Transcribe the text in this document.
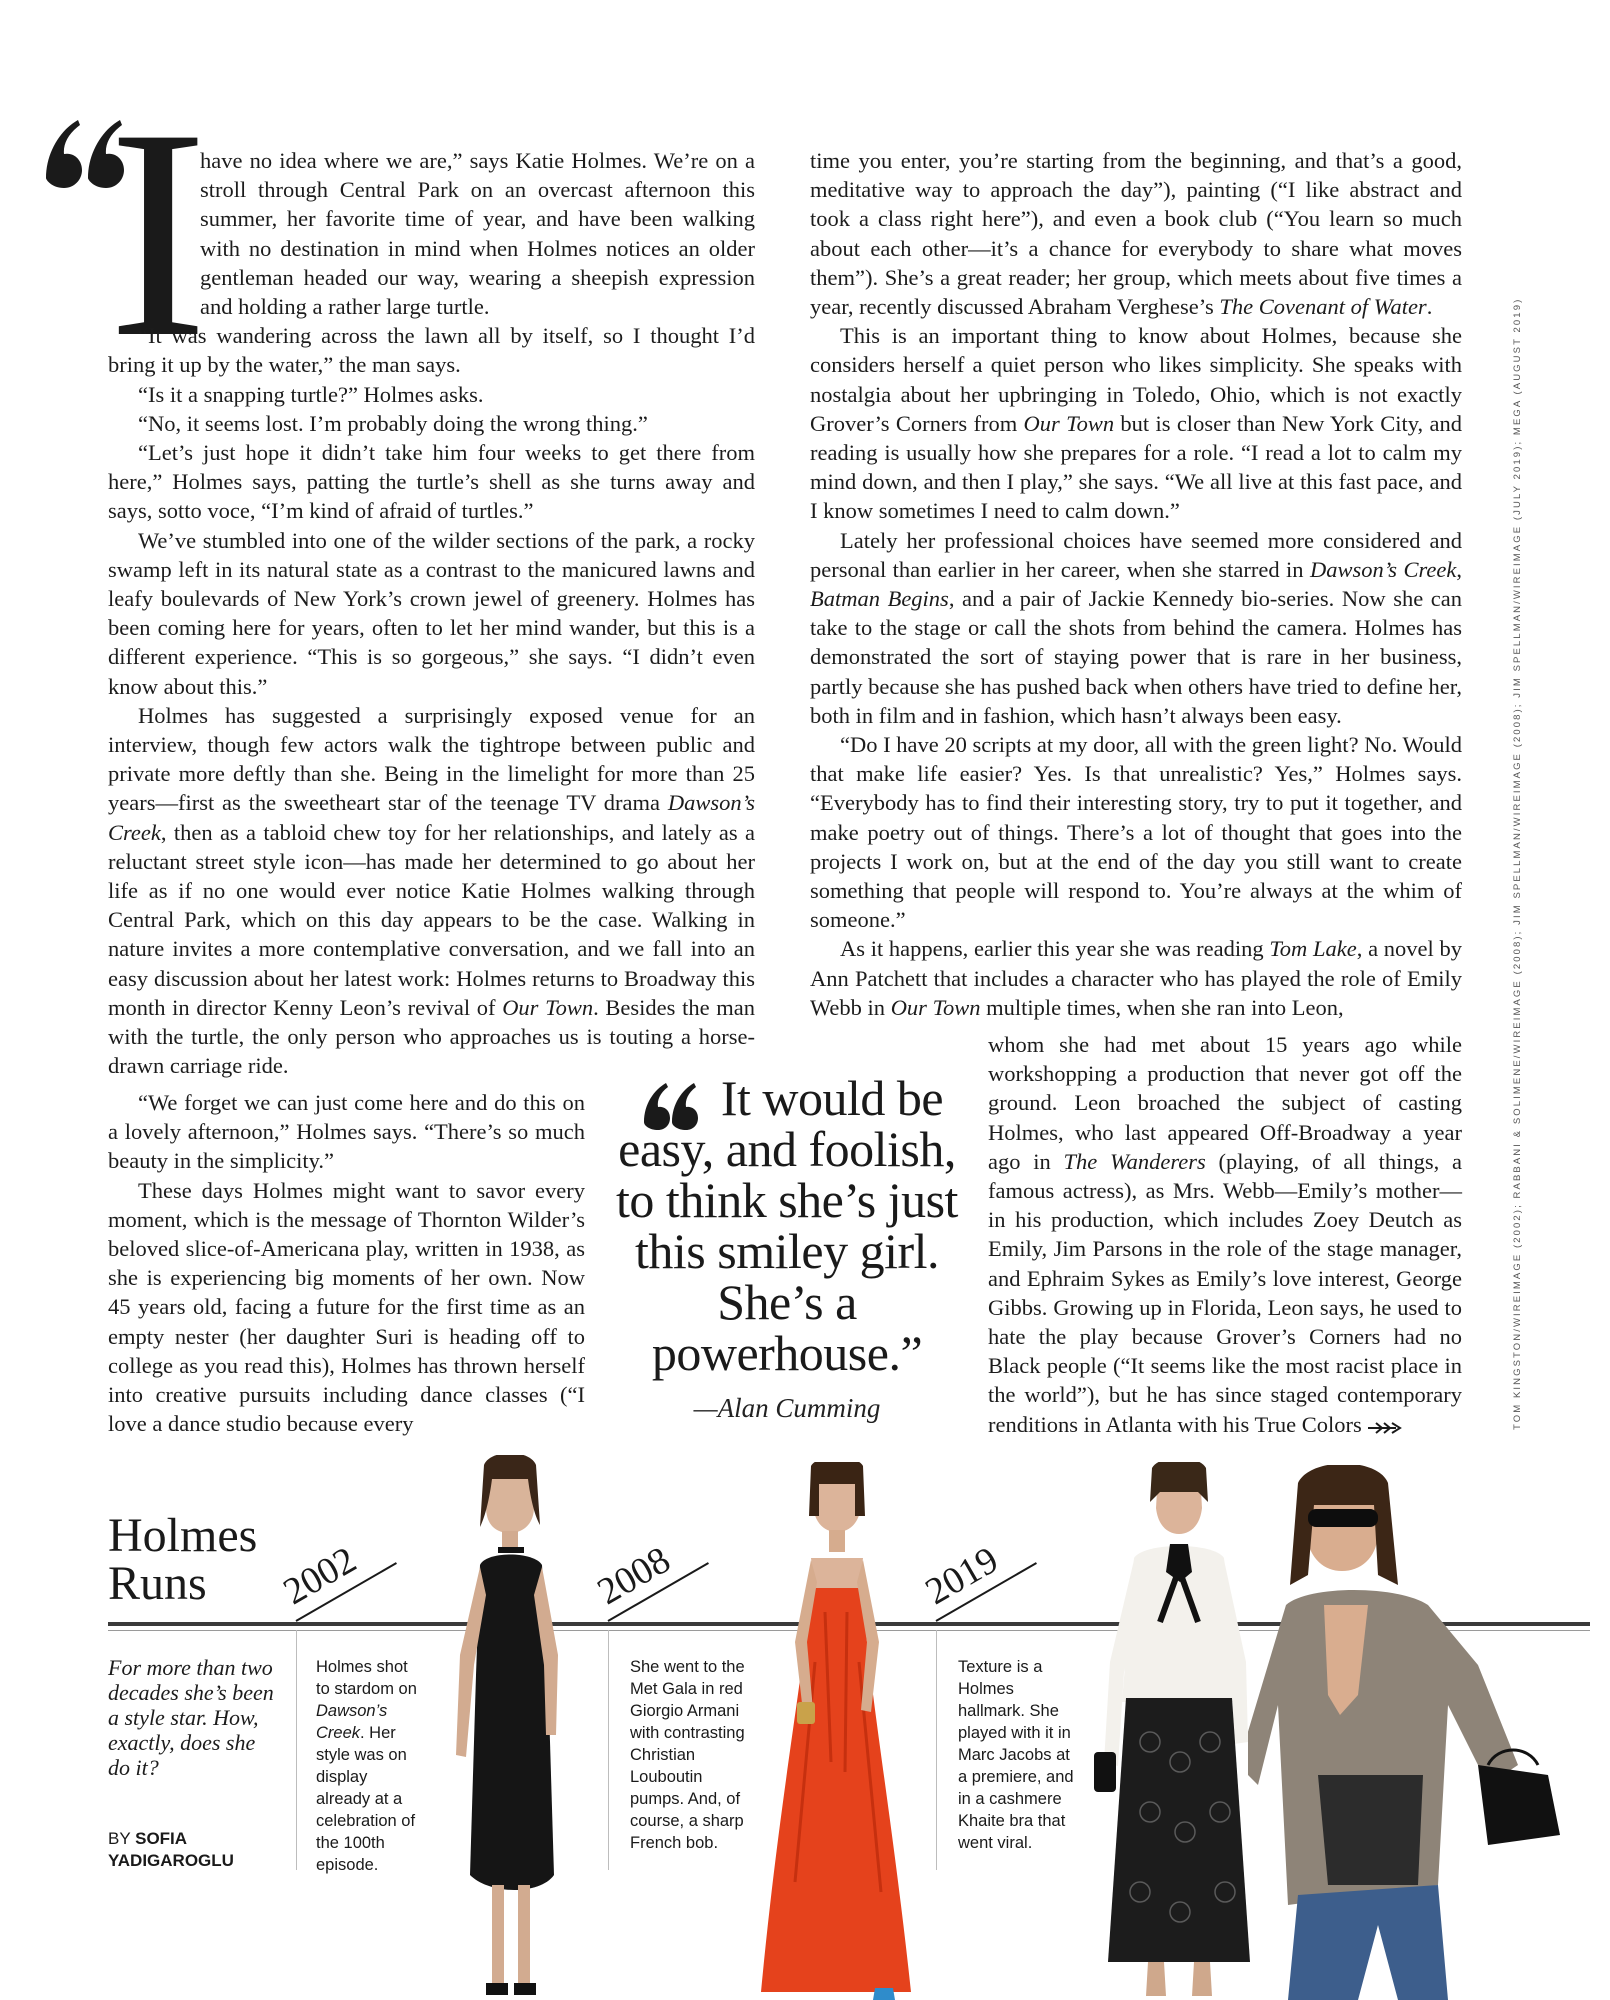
I

have no idea where we are,” says Katie Holmes. We’re on a stroll through Central Park on an overcast afternoon this summer, her favorite time of year, and have been walking with no destination in mind when Holmes notices an older gentleman headed our way, wearing a sheepish expression and holding a rather large turtle.

“It was wandering across the lawn all by itself, so I thought I’d bring it up by the water,” the man says.

“Is it a snapping turtle?” Holmes asks.

“No, it seems lost. I’m probably doing the wrong thing.”

“Let’s just hope it didn’t take him four weeks to get there from here,” Holmes says, patting the turtle’s shell as she turns away and says, sotto voce, “I’m kind of afraid of turtles.”

We’ve stumbled into one of the wilder sections of the park, a rocky swamp left in its natural state as a contrast to the manicured lawns and leafy boulevards of New York’s crown jewel of greenery. Holmes has been coming here for years, often to let her mind wander, but this is a different experience. “This is so gorgeous,” she says. “I didn’t even know about this.”

Holmes has suggested a surprisingly exposed venue for an interview, though few actors walk the tightrope between public and private more deftly than she. Being in the limelight for more than 25 years—first as the sweetheart star of the teenage TV drama Dawson’s Creek, then as a tabloid chew toy for her relationships, and lately as a reluctant street style icon—has made her determined to go about her life as if no one would ever notice Katie Holmes walking through Central Park, which on this day appears to be the case. Walking in nature invites a more contemplative conversation, and we fall into an easy discussion about her latest work: Holmes returns to Broadway this month in director Kenny Leon’s revival of Our Town. Besides the man with the turtle, the only person who approaches us is touting a horse-drawn carriage ride.

“We forget we can just come here and do this on a lovely afternoon,” Holmes says. “There’s so much beauty in the simplicity.”

These days Holmes might want to savor every moment, which is the message of Thornton Wilder’s beloved slice-of-Americana play, written in 1938, as she is experiencing big moments of her own. Now 45 years old, facing a future for the first time as an empty nester (her daughter Suri is heading off to college as you read this), Holmes has thrown herself into creative pursuits including dance classes (“I love a dance studio because every

time you enter, you’re starting from the beginning, and that’s a good, meditative way to approach the day”), painting (“I like abstract and took a class right here”), and even a book club (“You learn so much about each other—it’s a chance for everybody to share what moves them”). She’s a great reader; her group, which meets about five times a year, recently discussed Abraham Verghese’s The Covenant of Water.

This is an important thing to know about Holmes, because she considers herself a quiet person who likes simplicity. She speaks with nostalgia about her upbringing in Toledo, Ohio, which is not exactly Grover’s Corners from Our Town but is closer than New York City, and reading is usually how she prepares for a role. “I read a lot to calm my mind down, and then I play,” she says. “We all live at this fast pace, and I know sometimes I need to calm down.”

Lately her professional choices have seemed more considered and personal than earlier in her career, when she starred in Dawson’s Creek, Batman Begins, and a pair of Jackie Kennedy bio-series. Now she can take to the stage or call the shots from behind the camera. Holmes has demonstrated the sort of staying power that is rare in her business, partly because she has pushed back when others have tried to define her, both in film and in fashion, which hasn’t always been easy.

“Do I have 20 scripts at my door, all with the green light? No. Would that make life easier? Yes. Is that unrealistic? Yes,” Holmes says. “Everybody has to find their interesting story, try to put it together, and make poetry out of things. There’s a lot of thought that goes into the projects I work on, but at the end of the day you still want to create something that people will respond to. You’re always at the whim of someone.”

As it happens, earlier this year she was reading Tom Lake, a novel by Ann Patchett that includes a character who has played the role of Emily Webb in Our Town multiple times, when she ran into Leon,

whom she had met about 15 years ago while workshopping a production that never got off the ground. Leon broached the subject of casting Holmes, who last appeared Off-Broadway a year ago in The Wanderers (playing, of all things, a famous actress), as Mrs. Webb—Emily’s mother—in his production, which includes Zoey Deutch as Emily, Jim Parsons in the role of the stage manager, and Ephraim Sykes as Emily’s love interest, George Gibbs. Growing up in Florida, Leon says, he used to hate the play because Grover’s Corners had no Black people (“It seems like the most racist place in the world”), but he has since staged contemporary renditions in Atlanta with his True Colors

It would be easy, and foolish, to think she’s just this smiley girl. She’s a powerhouse.”
—Alan Cumming	TOM KINGSTON/WIREIMAGE (2002); RABBANI & SOLIMENE/WIREIMAGE (2008); JIM SPELLMAN/WIREIMAGE (2008); JIM SPELLMAN/WIREIMAGE (JULY 2019); MEGA (AUGUST 2019)
Holmes
Runs	2002	2008	2019
For more than two decades she’s been a style star. How, exactly, does she do it?
BY SOFIA YADIGAROGLU
Holmes shot to stardom on Dawson’s Creek. Her style was on display already at a celebration of the 100th episode.
She went to the Met Gala in red Giorgio Armani with contrasting Christian Louboutin pumps. And, of course, a sharp French bob.
Texture is a Holmes hallmark. She played with it in Marc Jacobs at a premiere, and in a cashmere Khaite bra that went viral.
